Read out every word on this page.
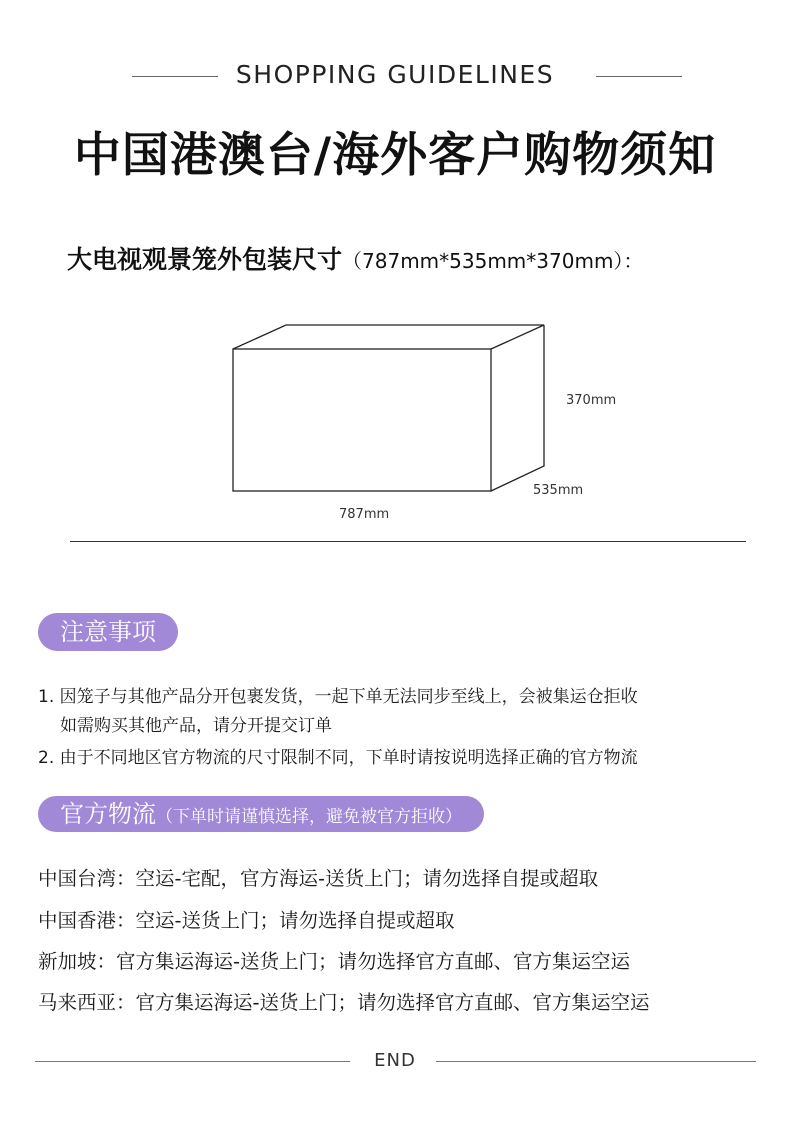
SHOPPING GUIDELINES
中国港澳台/海外客户购物须知
大电视观景笼外包装尺寸（787mm*535mm*370mm）：
370mm
535mm
787mm
注意事项
1. 因笼子与其他产品分开包裹发货，一起下单无法同步至线上，会被集运仓拒收
如需购买其他产品，请分开提交订单
2. 由于不同地区官方物流的尺寸限制不同，下单时请按说明选择正确的官方物流
官方物流（下单时请谨慎选择，避免被官方拒收）
中国台湾：空运-宅配，官方海运-送货上门；请勿选择自提或超取
中国香港：空运-送货上门；请勿选择自提或超取
新加坡：官方集运海运-送货上门；请勿选择官方直邮、官方集运空运
马来西亚：官方集运海运-送货上门；请勿选择官方直邮、官方集运空运
END
